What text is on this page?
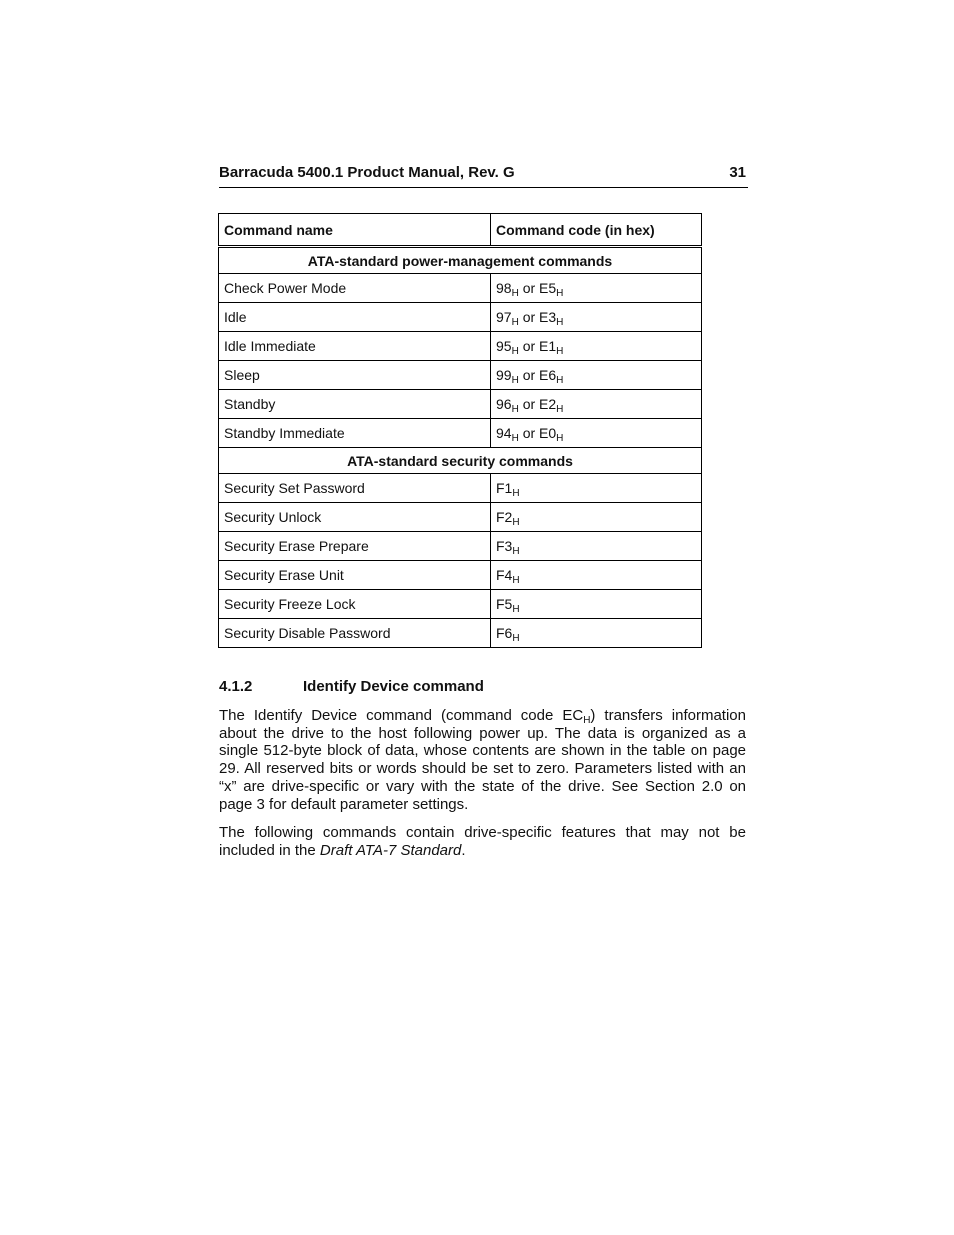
Barracuda 5400.1 Product Manual, Rev. G	31
Command name	Command code (in hex)
ATA-standard power-management commands	
Check Power Mode	$98_H$ or $E5_H$
Idle	$97_H$ or $E3_H$
Idle Immediate	$95_H$ or $E1_H$
Sleep	$99_H$ or $E6_H$
Standby	$96_H$ or $E2_H$
Standby Immediate	$94_H$ or $E0_H$
ATA-standard security commands	
Security Set Password	$F1_H$
Security Unlock	$F2_H$
Security Erase Prepare	$F3_H$
Security Erase Unit	$F4_H$
Security Freeze Lock	$F5_H$
Security Disable Password	$F6_H$
4.1.2	Identify Device command

The Identify Device command (command code $EC_H$) transfers information about the drive to the host following power up. The data is organized as a single 512-byte block of data, whose contents are shown in the table on page 29. All reserved bits or words should be set to zero. Parameters listed with an “x” are drive-specific or vary with the state of the drive. See Section 2.0 on page 3 for default parameter settings.

The following commands contain drive-specific features that may not be included in the Draft ATA-7 Standard.
